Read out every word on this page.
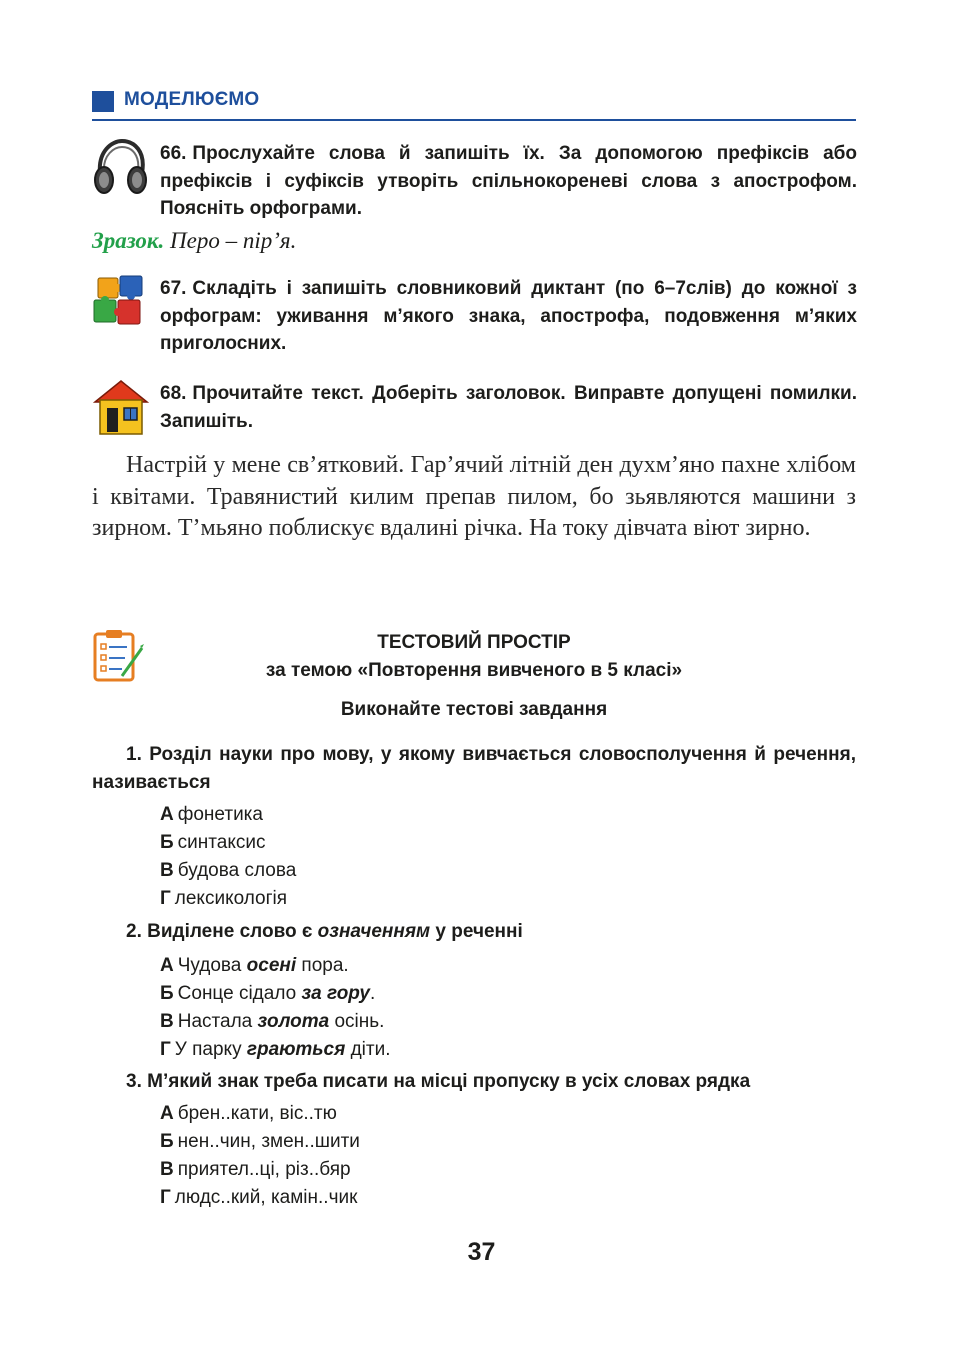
МОДЕЛЮЄМО
66. Прослухайте слова й запишіть їх. За допомогою префіксів або префіксів і суфіксів утворіть спільнокореневі слова з апострофом. Поясніть орфограми.
Зразок. Перо – пір’я.
67. Складіть і запишіть словниковий диктант (по 6–7слів) до кожної з орфограм: уживання м’якого знака, апострофа, подовження м’яких приголосних.
68. Прочитайте текст. Доберіть заголовок. Виправте допущені помилки. Запишіть.
Настрій у мене св’ятковий. Гар’ячий літній ден духм’яно пахне хлібом і квітами. Травянистий килим препав пилом, бо зьявляются машини з зирном. Т’мьяно поблискує вдалині річка. На току дівчата віют зирно.
ТЕСТОВИЙ ПРОСТІР
за темою «Повторення вивченого в 5 класі»
Виконайте тестові завдання
1. Розділ науки про мову, у якому вивчається словосполучення й речення, називається
А фонетика
Б синтаксис
В будова слова
Г лексикологія
2. Виділене слово є означенням у реченні
А Чудова осені пора.
Б Сонце сідало за гору.
В Настала золота осінь.
Г У парку граються діти.
3. М’який знак треба писати на місці пропуску в усіх словах рядка
А брен..кати, віс..тю
Б нен..чин, змен..шити
В приятел..ці, різ..бяр
Г людс..кий, камін..чик
37
